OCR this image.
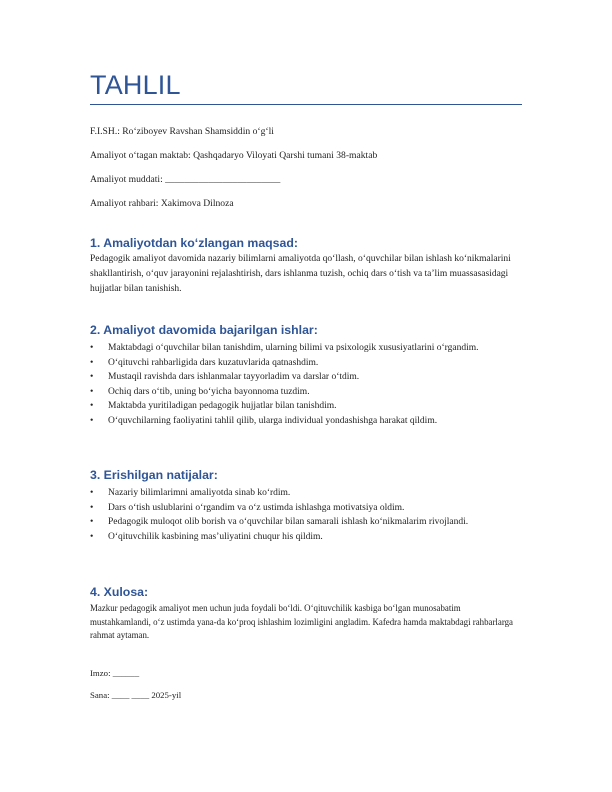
TAHLIL
F.I.SH.: Ro‘ziboyev Ravshan Shamsiddin o‘g‘li
Amaliyot o‘tagan maktab: Qashqadaryo Viloyati Qarshi tumani 38-maktab
Amaliyot muddati: ________________________
Amaliyot rahbari: Xakimova Dilnoza
1. Amaliyotdan ko‘zlangan maqsad:
Pedagogik amaliyot davomida nazariy bilimlarni amaliyotda qo‘llash, o‘quvchilar bilan ishlash ko‘nikmalarini shakllantirish, o‘quv jarayonini rejalashtirish, dars ishlanma tuzish, ochiq dars o‘tish va ta’lim muassasasidagi hujjatlar bilan tanishish.
2. Amaliyot davomida bajarilgan ishlar:
•	Maktabdagi o‘quvchilar bilan tanishdim, ularning bilimi va psixologik xususiyatlarini o‘rgandim.
•	O‘qituvchi rahbarligida dars kuzatuvlarida qatnashdim.
•	Mustaqil ravishda dars ishlanmalar tayyorladim va darslar o‘tdim.
•	Ochiq dars o‘tib, uning bo‘yicha bayonnoma tuzdim.
•	Maktabda yuritiladigan pedagogik hujjatlar bilan tanishdim.
•	O‘quvchilarning faoliyatini tahlil qilib, ularga individual yondashishga harakat qildim.
3. Erishilgan natijalar:
•	Nazariy bilimlarimni amaliyotda sinab ko‘rdim.
•	Dars o‘tish uslublarini o‘rgandim va o‘z ustimda ishlashga motivatsiya oldim.
•	Pedagogik muloqot olib borish va o‘quvchilar bilan samarali ishlash ko‘nikmalarim rivojlandi.
•	O‘qituvchilik kasbining mas’uliyatini chuqur his qildim.
4. Xulosa:
Mazkur pedagogik amaliyot men uchun juda foydali bo‘ldi. O‘qituvchilik kasbiga bo‘lgan munosabatim mustahkamlandi, o‘z ustimda yana-da ko‘proq ishlashim lozimligini angladim. Kafedra hamda maktabdagi rahbarlarga rahmat aytaman.
Imzo: ______
Sana: ____ ____ 2025-yil
